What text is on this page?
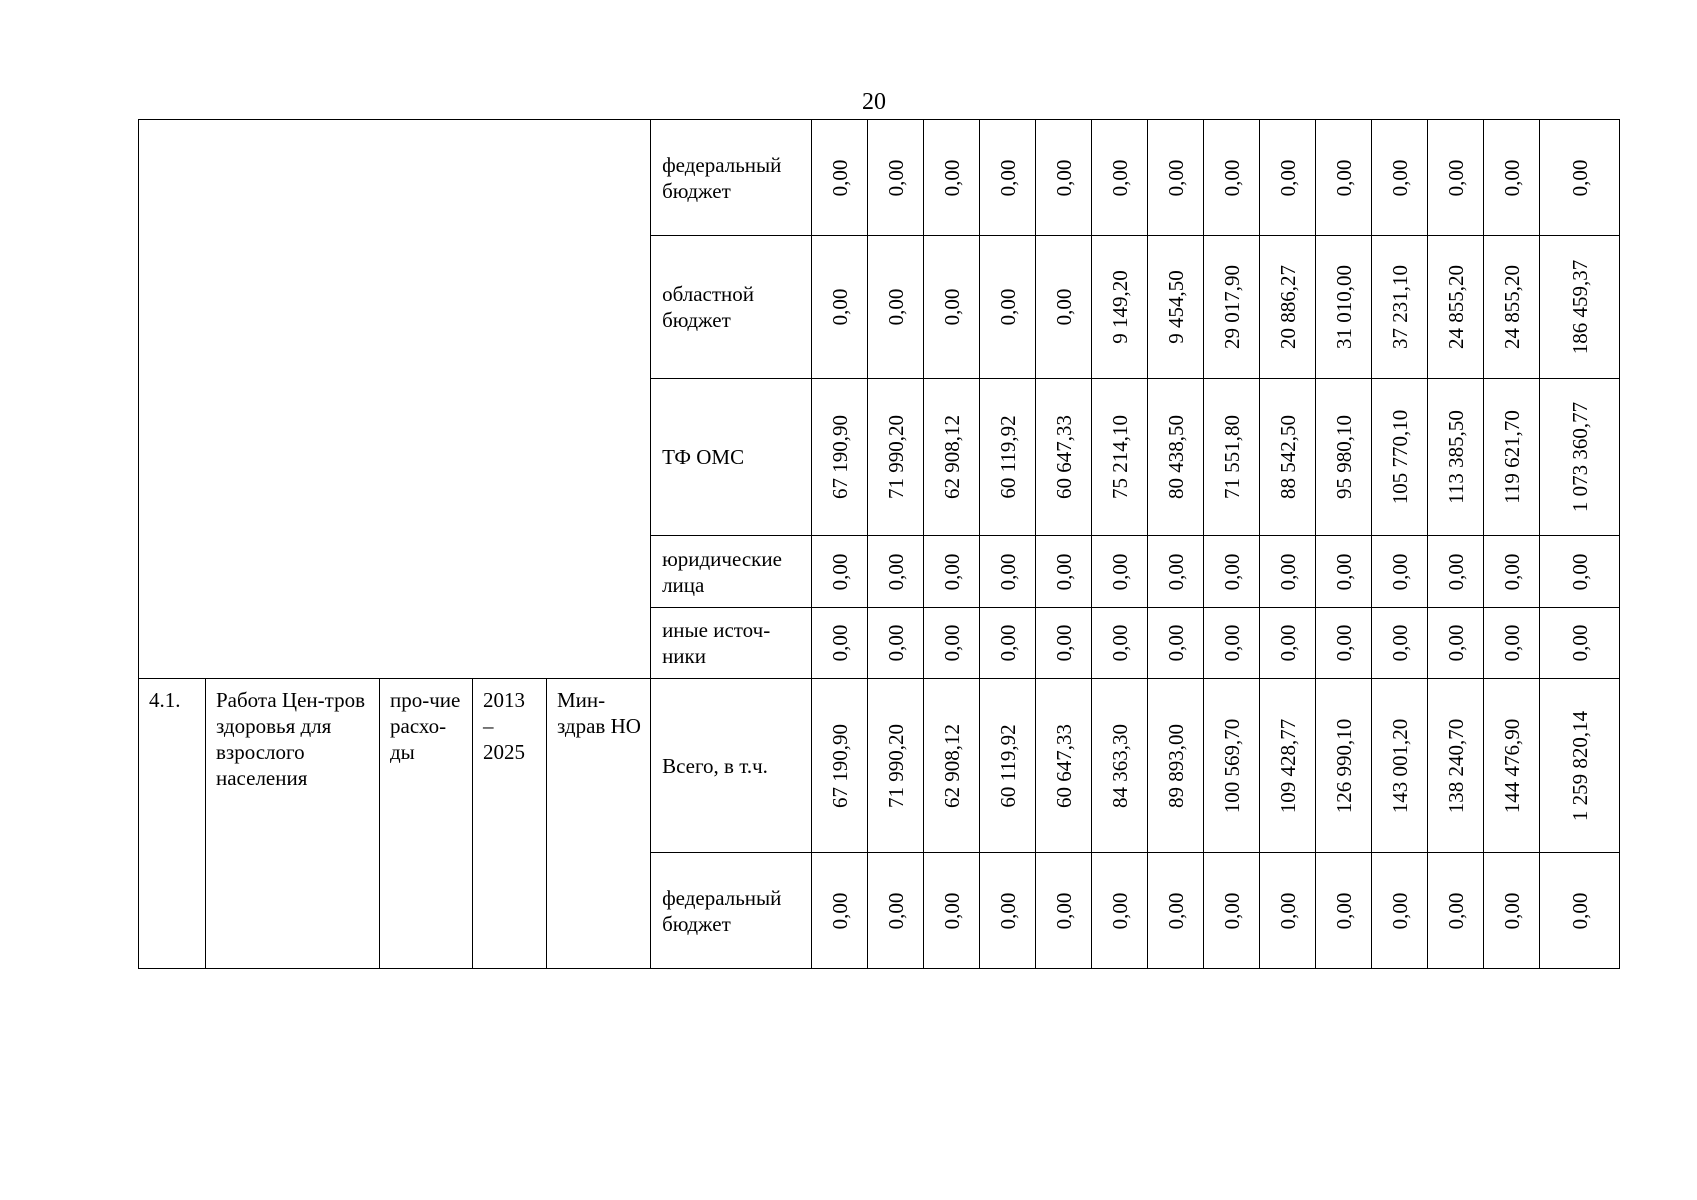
20
					федеральный бюджет	0,00	0,00	0,00	0,00	0,00	0,00	0,00	0,00	0,00	0,00	0,00	0,00	0,00	0,00

					областной бюджет	0,00	0,00	0,00	0,00	0,00	9 149,20	9 454,50	29 017,90	20 886,27	31 010,00	37 231,10	24 855,20	24 855,20	186 459,37

					ТФ ОМС	67 190,90	71 990,20	62 908,12	60 119,92	60 647,33	75 214,10	80 438,50	71 551,80	88 542,50	95 980,10	105 770,10	113 385,50	119 621,70	1 073 360,77

					юридические лица	0,00	0,00	0,00	0,00	0,00	0,00	0,00	0,00	0,00	0,00	0,00	0,00	0,00	0,00

					иные источ-ники	0,00	0,00	0,00	0,00	0,00	0,00	0,00	0,00	0,00	0,00	0,00	0,00	0,00	0,00

4.1.	Работа Цен-тров здоровья для взрослого населения	про-чие расхо-ды	2013 – 2025	Мин-здрав НО	Всего, в т.ч.	67 190,90	71 990,20	62 908,12	60 119,92	60 647,33	84 363,30	89 893,00	100 569,70	109 428,77	126 990,10	143 001,20	138 240,70	144 476,90	1 259 820,14

					федеральный бюджет	0,00	0,00	0,00	0,00	0,00	0,00	0,00	0,00	0,00	0,00	0,00	0,00	0,00	0,00
